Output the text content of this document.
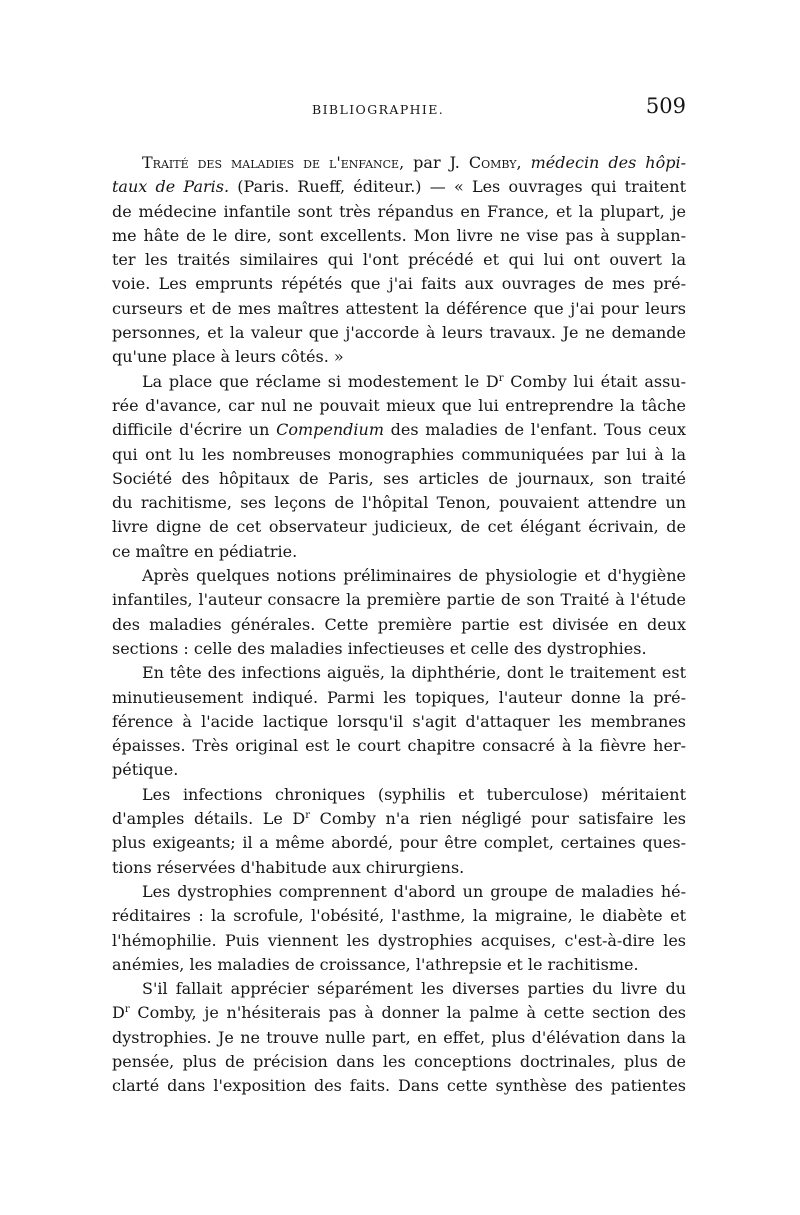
BIBLIOGRAPHIE.	509
Traité des maladies de l'enfance, par J. Comby, médecin des hôpi-
taux de Paris. (Paris. Rueff, éditeur.) — « Les ouvrages qui traitent
de médecine infantile sont très répandus en France, et la plupart, je
me hâte de le dire, sont excellents. Mon livre ne vise pas à supplan-
ter les traités similaires qui l'ont précédé et qui lui ont ouvert la
voie. Les emprunts répétés que j'ai faits aux ouvrages de mes pré-
curseurs et de mes maîtres attestent la déférence que j'ai pour leurs
personnes, et la valeur que j'accorde à leurs travaux. Je ne demande
qu'une place à leurs côtés. »
La place que réclame si modestement le $D^r$ Comby lui était assu-
rée d'avance, car nul ne pouvait mieux que lui entreprendre la tâche
difficile d'écrire un Compendium des maladies de l'enfant. Tous ceux
qui ont lu les nombreuses monographies communiquées par lui à la
Société des hôpitaux de Paris, ses articles de journaux, son traité
du rachitisme, ses leçons de l'hôpital Tenon, pouvaient attendre un
livre digne de cet observateur judicieux, de cet élégant écrivain, de
ce maître en pédiatrie.
Après quelques notions préliminaires de physiologie et d'hygiène
infantiles, l'auteur consacre la première partie de son Traité à l'étude
des maladies générales. Cette première partie est divisée en deux
sections : celle des maladies infectieuses et celle des dystrophies.
En tête des infections aiguës, la diphthérie, dont le traitement est
minutieusement indiqué. Parmi les topiques, l'auteur donne la pré-
férence à l'acide lactique lorsqu'il s'agit d'attaquer les membranes
épaisses. Très original est le court chapitre consacré à la fièvre her-
pétique.
Les infections chroniques (syphilis et tuberculose) méritaient
d'amples détails. Le $D^r$ Comby n'a rien négligé pour satisfaire les
plus exigeants; il a même abordé, pour être complet, certaines ques-
tions réservées d'habitude aux chirurgiens.
Les dystrophies comprennent d'abord un groupe de maladies hé-
réditaires : la scrofule, l'obésité, l'asthme, la migraine, le diabète et
l'hémophilie. Puis viennent les dystrophies acquises, c'est-à-dire les
anémies, les maladies de croissance, l'athrepsie et le rachitisme.
S'il fallait apprécier séparément les diverses parties du livre du
$D^r$ Comby, je n'hésiterais pas à donner la palme à cette section des
dystrophies. Je ne trouve nulle part, en effet, plus d'élévation dans la
pensée, plus de précision dans les conceptions doctrinales, plus de
clarté dans l'exposition des faits. Dans cette synthèse des patientes
